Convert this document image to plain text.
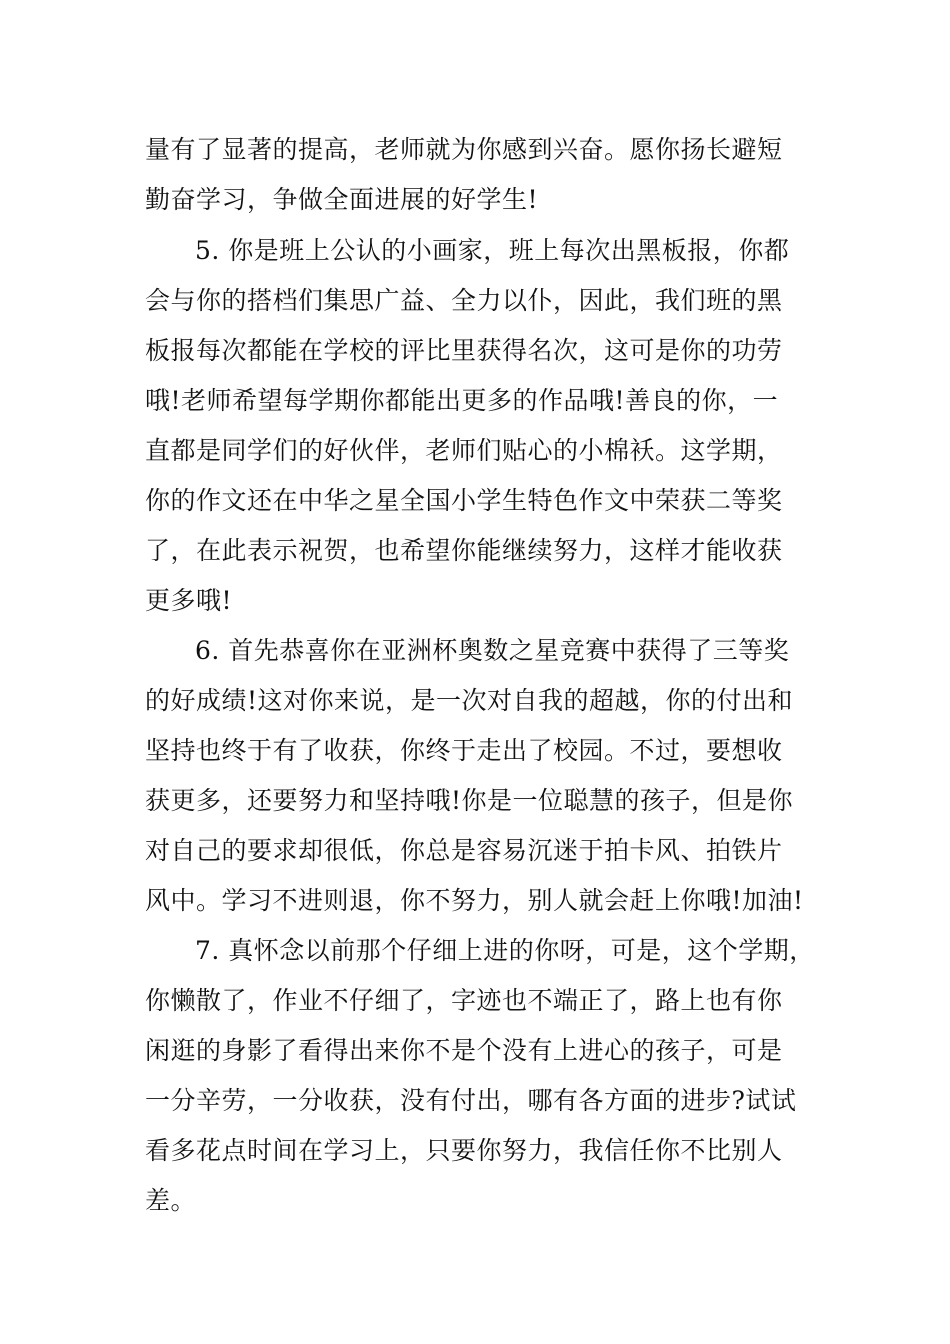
量有了显著的提高，老师就为你感到兴奋。愿你扬长避短
勤奋学习，争做全面进展的好学生!
5. 你是班上公认的小画家，班上每次出黑板报，你都
会与你的搭档们集思广益、全力以仆，因此，我们班的黑
板报每次都能在学校的评比里获得名次，这可是你的功劳
哦!老师希望每学期你都能出更多的作品哦!善良的你，一
直都是同学们的好伙伴，老师们贴心的小棉袄。这学期，
你的作文还在中华之星全国小学生特色作文中荣获二等奖
了，在此表示祝贺，也希望你能继续努力，这样才能收获
更多哦!
6. 首先恭喜你在亚洲杯奥数之星竞赛中获得了三等奖
的好成绩!这对你来说，是一次对自我的超越，你的付出和
坚持也终于有了收获，你终于走出了校园。不过，要想收
获更多，还要努力和坚持哦!你是一位聪慧的孩子，但是你
对自己的要求却很低，你总是容易沉迷于拍卡风、拍铁片
风中。学习不进则退，你不努力，别人就会赶上你哦!加油!
7. 真怀念以前那个仔细上进的你呀，可是，这个学期，
你懒散了，作业不仔细了，字迹也不端正了，路上也有你
闲逛的身影了看得出来你不是个没有上进心的孩子，可是
一分辛劳，一分收获，没有付出，哪有各方面的进步?试试
看多花点时间在学习上，只要你努力，我信任你不比别人
差。
